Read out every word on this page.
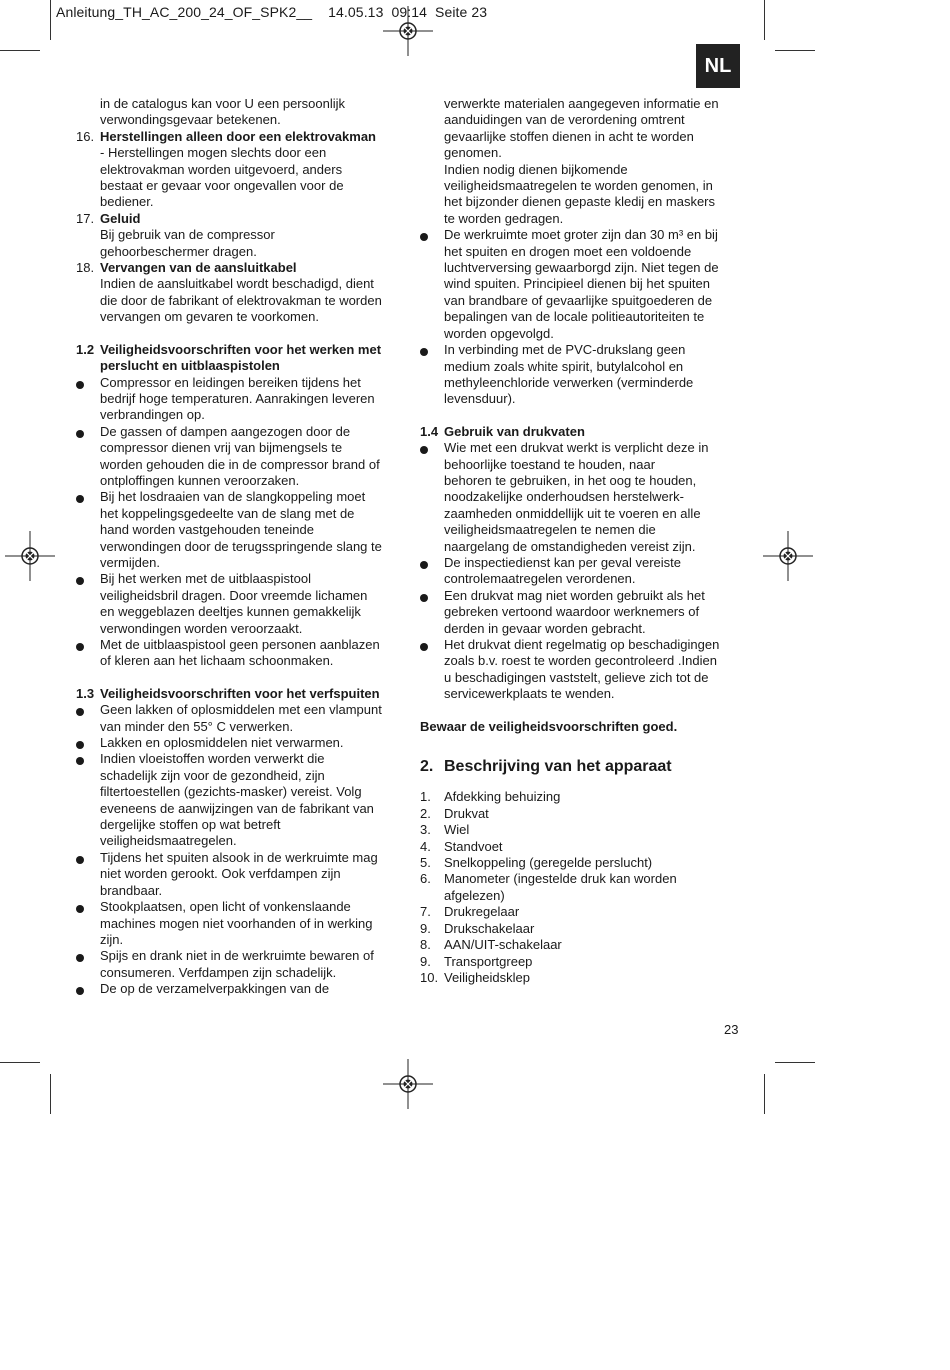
Anleitung_TH_AC_200_24_OF_SPK2__ 14.05.13 09:14 Seite 23
NL
in de catalogus kan voor U een persoonlijk
verwondingsgevaar betekenen.
16. Herstellingen alleen door een elektrovakman
- Herstellingen mogen slechts door een
elektrovakman worden uitgevoerd, anders
bestaat er gevaar voor ongevallen voor de
bediener.
17. Geluid
Bij gebruik van de compressor
gehoorbeschermer dragen.
18. Vervangen van de aansluitkabel
Indien de aansluitkabel wordt beschadigd, dient
die door de fabrikant of elektrovakman te worden
vervangen om gevaren te voorkomen.
1.2 Veiligheidsvoorschriften voor het werken met
perslucht en uitblaaspistolen
Compressor en leidingen bereiken tijdens het
bedrijf hoge temperaturen. Aanrakingen leveren
verbrandingen op.
De gassen of dampen aangezogen door de
compressor dienen vrij van bijmengsels te
worden gehouden die in de compressor brand of
ontploffingen kunnen veroorzaken.
Bij het losdraaien van de slangkoppeling moet
het koppelingsgedeelte van de slang met de
hand worden vastgehouden teneinde
verwondingen door de terugsspringende slang te
vermijden.
Bij het werken met de uitblaaspistool
veiligheidsbril dragen. Door vreemde lichamen
en weggeblazen deeltjes kunnen gemakkelijk
verwondingen worden veroorzaakt.
Met de uitblaaspistool geen personen aanblazen
of kleren aan het lichaam schoonmaken.
1.3 Veiligheidsvoorschriften voor het verfspuiten
Geen lakken of oplosmiddelen met een vlampunt
van minder den 55° C verwerken.
Lakken en oplosmiddelen niet verwarmen.
Indien vloeistoffen worden verwerkt die
schadelijk zijn voor de gezondheid, zijn
filtertoestellen (gezichts-masker) vereist. Volg
eveneens de aanwijzingen van de fabrikant van
dergelijke stoffen op wat betreft
veiligheidsmaatregelen.
Tijdens het spuiten alsook in de werkruimte mag
niet worden gerookt. Ook verfdampen zijn
brandbaar.
Stookplaatsen, open licht of vonkenslaande
machines mogen niet voorhanden of in werking
zijn.
Spijs en drank niet in de werkruimte bewaren of
consumeren. Verfdampen zijn schadelijk.
De op de verzamelverpakkingen van de
verwerkte materialen aangegeven informatie en
aanduidingen van de verordening omtrent
gevaarlijke stoffen dienen in acht te worden
genomen.
Indien nodig dienen bijkomende
veiligheidsmaatregelen te worden genomen, in
het bijzonder dienen gepaste kledij en maskers
te worden gedragen.
De werkruimte moet groter zijn dan 30 m³ en bij
het spuiten en drogen moet een voldoende
luchtverversing gewaarborgd zijn. Niet tegen de
wind spuiten. Principieel dienen bij het spuiten
van brandbare of gevaarlijke spuitgoederen de
bepalingen van de locale politieautoriteiten te
worden opgevolgd.
In verbinding met de PVC-drukslang geen
medium zoals white spirit, butylalcohol en
methyleenchloride verwerken (verminderde
levensduur).
1.4 Gebruik van drukvaten
Wie met een drukvat werkt is verplicht deze in
behoorlijke toestand te houden, naar
behoren te gebruiken, in het oog te houden,
noodzakelijke onderhoudsen herstelwerk-
zaamheden onmiddellijk uit te voeren en alle
veiligheidsmaatregelen te nemen die
naargelang de omstandigheden vereist zijn.
De inspectiedienst kan per geval vereiste
controlemaatregelen verordenen.
Een drukvat mag niet worden gebruikt als het
gebreken vertoond waardoor werknemers of
derden in gevaar worden gebracht.
Het drukvat dient regelmatig op beschadigingen
zoals b.v. roest te worden gecontroleerd .Indien
u beschadigingen vaststelt, gelieve zich tot de
servicewerkplaats te wenden.
Bewaar de veiligheidsvoorschriften goed.
2. Beschrijving van het apparaat
1.	Afdekking behuizing
2.	Drukvat
3.	Wiel
4.	Standvoet
5.	Snelkoppeling (geregelde perslucht)
6.	Manometer (ingestelde druk kan worden
afgelezen)
7.	Drukregelaar
9.	Drukschakelaar
8.	AAN/UIT-schakelaar
9.	Transportgreep
10. Veiligheidsklep
23
